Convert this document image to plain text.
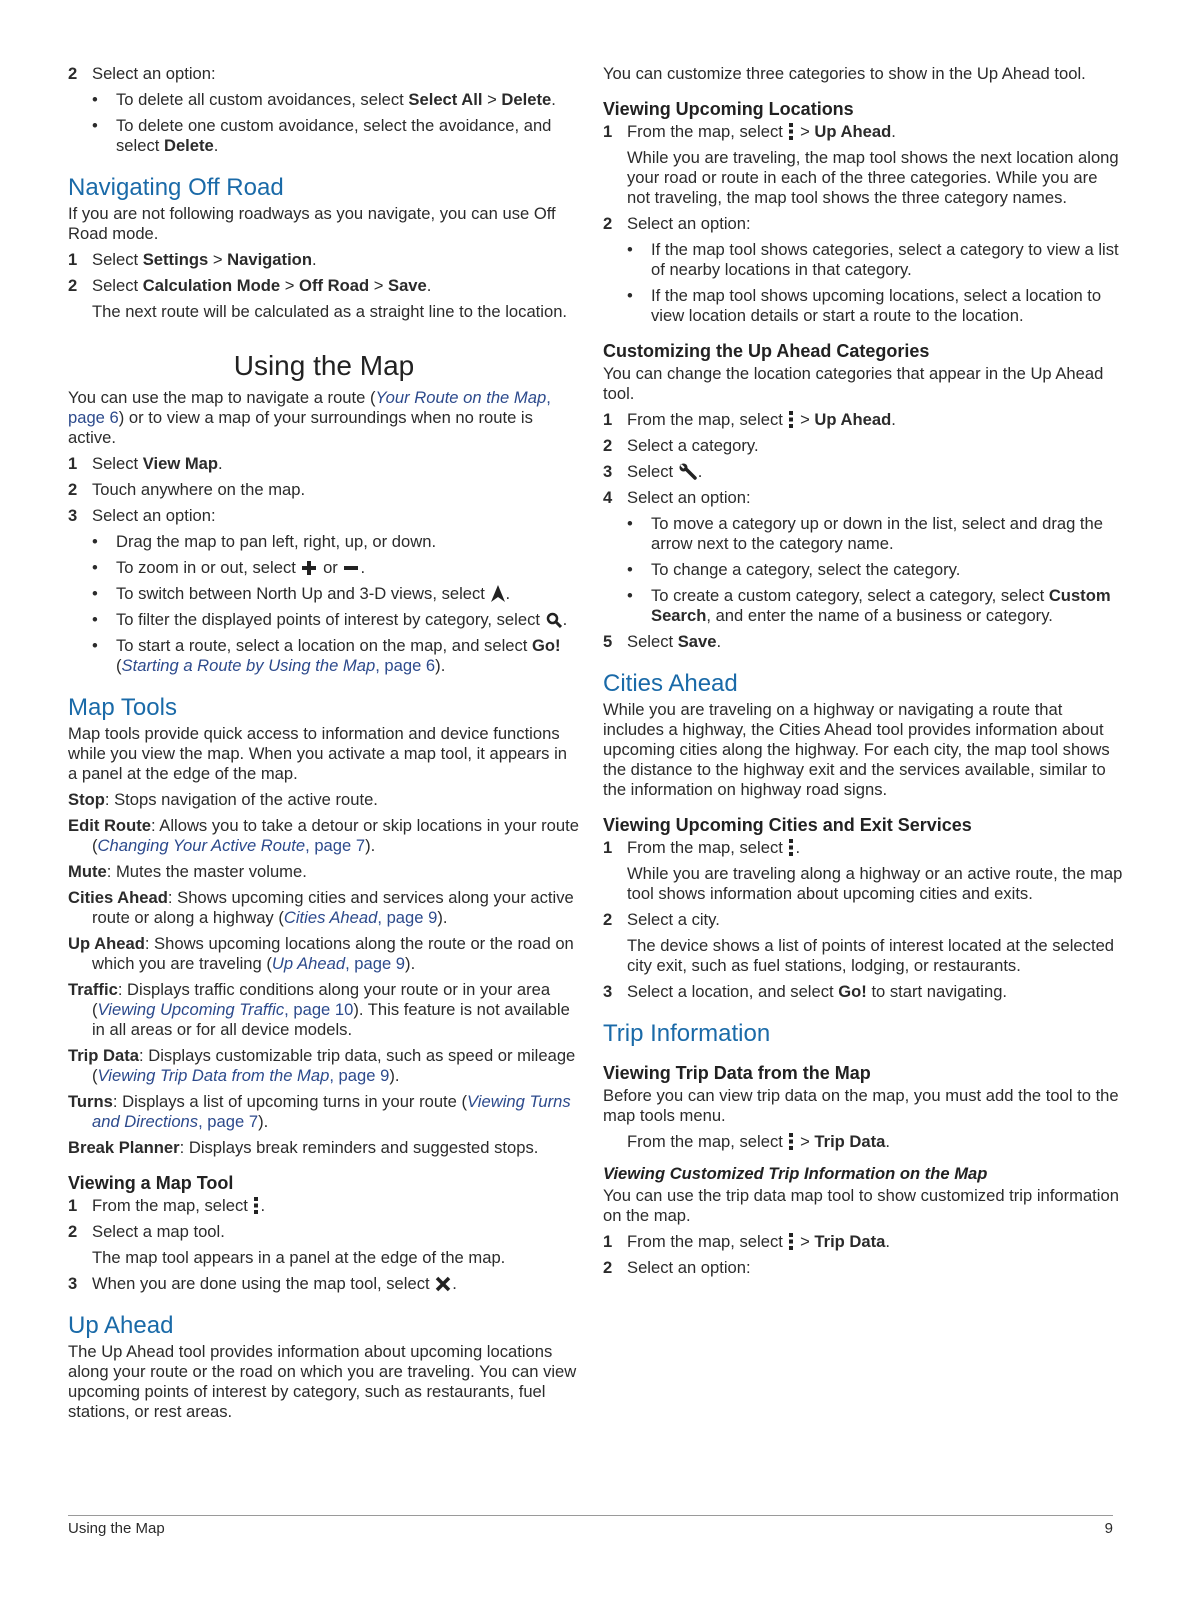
2 Select an option:
• To delete all custom avoidances, select Select All > Delete.
• To delete one custom avoidance, select the avoidance, and select Delete.
Navigating Off Road

If you are not following roadways as you navigate, you can use Off Road mode.

1 Select Settings > Navigation.
2 Select Calculation Mode > Off Road > Save.

The next route will be calculated as a straight line to the location.

Using the Map

You can use the map to navigate a route (Your Route on the Map, page 6) or to view a map of your surroundings when no route is active.

1 Select View Map.
2 Touch anywhere on the map.
3 Select an option:
• Drag the map to pan left, right, up, or down.
• To zoom in or out, select  or .
• To switch between North Up and 3-D views, select .
• To filter the displayed points of interest by category, select .
• To start a route, select a location on the map, and select Go! (Starting a Route by Using the Map, page 6).
Map Tools

Map tools provide quick access to information and device functions while you view the map. When you activate a map tool, it appears in a panel at the edge of the map.

Stop: Stops navigation of the active route.

Edit Route: Allows you to take a detour or skip locations in your route (Changing Your Active Route, page 7).

Mute: Mutes the master volume.

Cities Ahead: Shows upcoming cities and services along your active route or along a highway (Cities Ahead, page 9).

Up Ahead: Shows upcoming locations along the route or the road on which you are traveling (Up Ahead, page 9).

Traffic: Displays traffic conditions along your route or in your area (Viewing Upcoming Traffic, page 10). This feature is not available in all areas or for all device models.

Trip Data: Displays customizable trip data, such as speed or mileage (Viewing Trip Data from the Map, page 9).

Turns: Displays a list of upcoming turns in your route (Viewing Turns and Directions, page 7).

Break Planner: Displays break reminders and suggested stops.

Viewing a Map Tool
1 From the map, select .
2 Select a map tool.

The map tool appears in a panel at the edge of the map.

3 When you are done using the map tool, select .
Up Ahead

The Up Ahead tool provides information about upcoming locations along your route or the road on which you are traveling. You can view upcoming points of interest by category, such as restaurants, fuel stations, or rest areas.

You can customize three categories to show in the Up Ahead tool.

Viewing Upcoming Locations
1 From the map, select  > Up Ahead.

While you are traveling, the map tool shows the next location along your road or route in each of the three categories. While you are not traveling, the map tool shows the three category names.

2 Select an option:
• If the map tool shows categories, select a category to view a list of nearby locations in that category.
• If the map tool shows upcoming locations, select a location to view location details or start a route to the location.
Customizing the Up Ahead Categories

You can change the location categories that appear in the Up Ahead tool.

1 From the map, select  > Up Ahead.
2 Select a category.
3 Select .
4 Select an option:
• To move a category up or down in the list, select and drag the arrow next to the category name.
• To change a category, select the category.
• To create a custom category, select a category, select Custom Search, and enter the name of a business or category.
5 Select Save.
Cities Ahead

While you are traveling on a highway or navigating a route that includes a highway, the Cities Ahead tool provides information about upcoming cities along the highway. For each city, the map tool shows the distance to the highway exit and the services available, similar to the information on highway road signs.

Viewing Upcoming Cities and Exit Services
1 From the map, select .

While you are traveling along a highway or an active route, the map tool shows information about upcoming cities and exits.

2 Select a city.

The device shows a list of points of interest located at the selected city exit, such as fuel stations, lodging, or restaurants.

3 Select a location, and select Go! to start navigating.
Trip Information
Viewing Trip Data from the Map

Before you can view trip data on the map, you must add the tool to the map tools menu.

From the map, select  > Trip Data.

Viewing Customized Trip Information on the Map

You can use the trip data map tool to show customized trip information on the map.

1 From the map, select  > Trip Data.
2 Select an option:
Using the Map	9
